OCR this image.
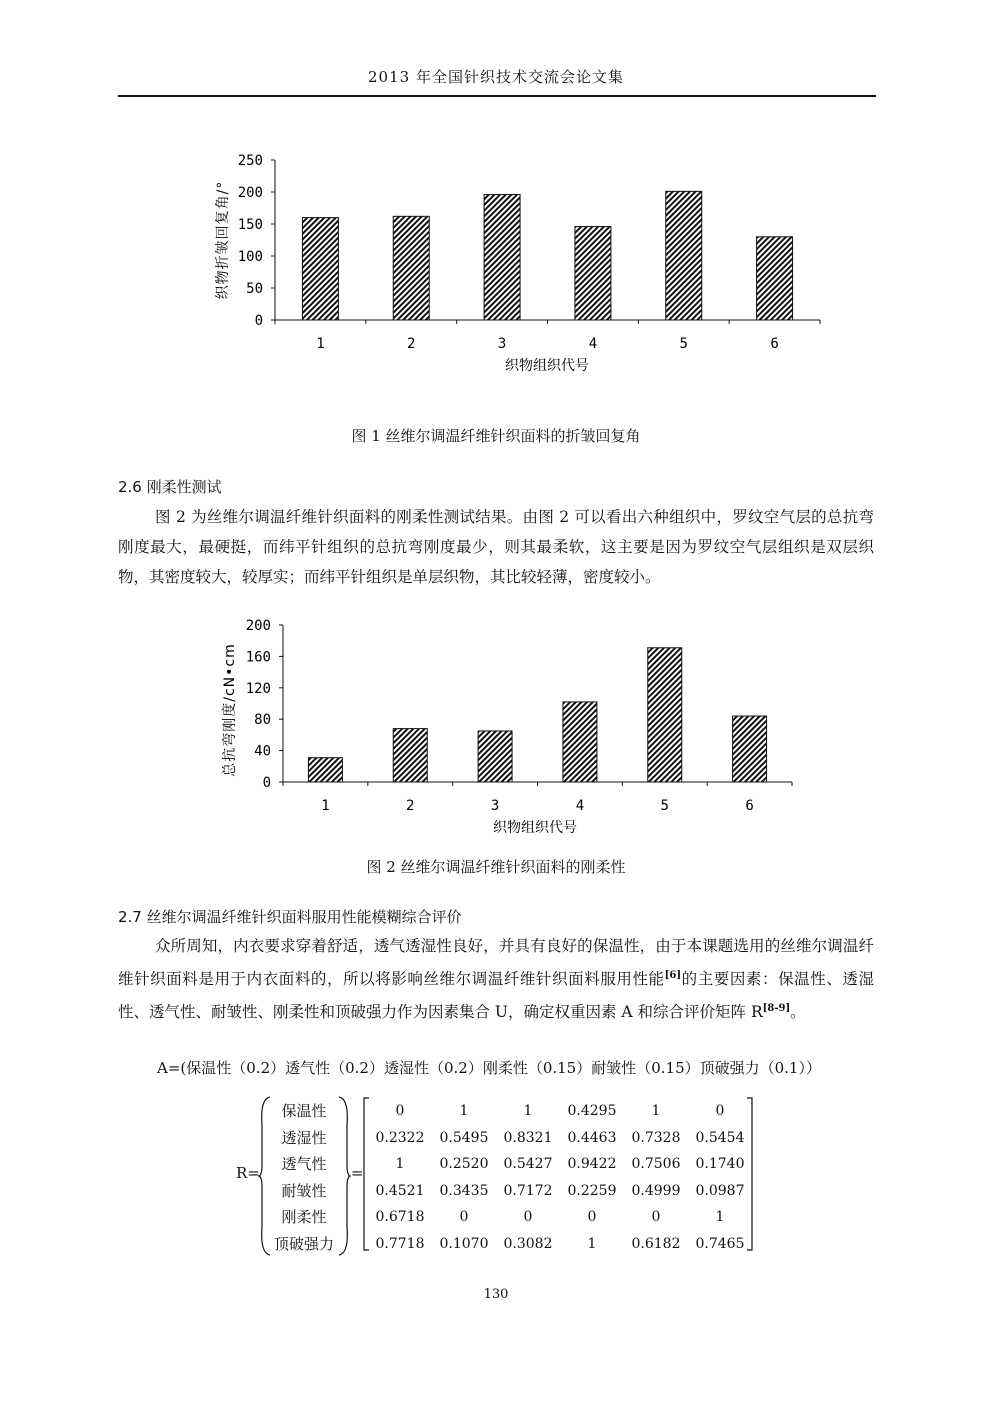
2013 年全国针织技术交流会论文集
0
50
100
150
200
250
1	2	3	4	5	6
织物折皱回复角/°
织物组织代号
图 1 丝维尔调温纤维针织面料的折皱回复角
2.6 刚柔性测试

图 2 为丝维尔调温纤维针织面料的刚柔性测试结果。由图 2 可以看出六种组织中，罗纹空气层的总抗弯刚度最大，最硬挺，而纬平针组织的总抗弯刚度最少，则其最柔软，这主要是因为罗纹空气层组织是双层织物，其密度较大，较厚实；而纬平针组织是单层织物，其比较轻薄，密度较小。

0
40
80
120
160
200
1	2	3	4	5	6
总抗弯刚度/cN•cm
织物组织代号
图 2 丝维尔调温纤维针织面料的刚柔性
2.7 丝维尔调温纤维针织面料服用性能模糊综合评价

众所周知，内衣要求穿着舒适，透气透湿性良好，并具有良好的保温性，由于本课题选用的丝维尔调温纤维针织面料是用于内衣面料的，所以将影响丝维尔调温纤维针织面料服用性能[6]的主要因素：保温性、透湿性、透气性、耐皱性、刚柔性和顶破强力作为因素集合 U，确定权重因素 A 和综合评价矩阵 R[8-9]。

A=(保温性（0.2）透气性（0.2）透湿性（0.2）刚柔性（0.15）耐皱性（0.15）顶破强力（0.1））
R=
保温性
透湿性
透气性
耐皱性
刚柔性
顶破强力
=
0	1	1	0.4295	1	0
0.2322	0.5495	0.8321	0.4463	0.7328	0.5454
1	0.2520	0.5427	0.9422	0.7506	0.1740
0.4521	0.3435	0.7172	0.2259	0.4999	0.0987
0.6718	0	0	0	0	1
0.7718	0.1070	0.3082	1	0.6182	0.7465
130
